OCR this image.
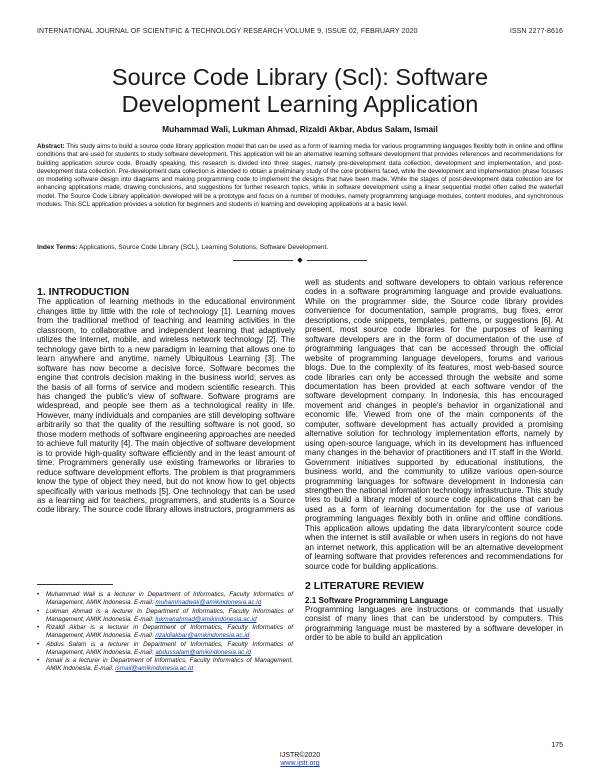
INTERNATIONAL JOURNAL OF SCIENTIFIC & TECHNOLOGY RESEARCH VOLUME 9, ISSUE 02, FEBRUARY 2020	ISSN 2277-8616
Source Code Library (Scl): Software
Development Learning Application
Muhammad Wali, Lukman Ahmad, Rizaldi Akbar, Abdus Salam, Ismail
Abstract: This study aims to build a source code library application model that can be used as a form of learning media for various programming languages flexibly both in online and offline conditions that are used for students to study software development. This application will be an alternative learning software development that provides references and recommendations for building application source code. Broadly speaking, this research is divided into three stages, namely pre-development data collection, development and implementation, and post-development data collection. Pre-development data collection is intended to obtain a preliminary study of the core problems faced, while the development and implementation phase focuses on modeling software design into diagrams and making programming code to implement the designs that have been made. While the stages of post-development data collection are for enhancing applications made, drawing conclusions, and suggestions for further research topics, while in software development using a linear sequential model often called the waterfall model. The Source Code Library application developed will be a prototype and focus on a number of modules, namely programming language modules, content modules, and synchronous modules. This SCL application provides a solution for beginners and students in learning and developing applications at a basic level.
Index Terms: Applications, Source Code Library (SCL), Learning Solutions, Software Development.
◆

1. INTRODUCTION

The application of learning methods in the educational environment changes little by little with the role of technology [1]. Learning moves from the traditional method of teaching and learning activities in the classroom, to collaborative and independent learning that adaptively utilizes the Internet, mobile, and wireless network technology [2]. The technology gave birth to a new paradigm in learning that allows one to learn anywhere and anytime, namely Ubiquitous Learning [3]. The software has now become a decisive force. Software becomes the engine that controls decision making in the business world; serves as the basis of all forms of service and modern scientific research. This has changed the public's view of software. Software programs are widespread, and people see them as a technological reality in life. However, many individuals and companies are still developing software arbitrarily so that the quality of the resulting software is not good, so those modern methods of software engineering approaches are needed to achieve full maturity [4]. The main objective of software development is to provide high-quality software efficiently and in the least amount of time. Programmers generally use existing frameworks or libraries to reduce software development efforts. The problem is that programmers know the type of object they need, but do not know how to get objects specifically with various methods [5]. One technology that can be used as a learning aid for teachers, programmers, and students is a Source code library. The source code library allows instructors, programmers as

•	Muhammad Wali is a lecturer in Department of Informatics, Faculty Informatics of Management, AMIK Indonesia. E-mail: muhammadwali@amikindonesia.ac.id
•	Lukman Ahmad is a lecturer in Department of Informatics, Faculty Informatics of Management, AMIK Indonesia. E-mail: lukmanahmad@amikindonesia.ac.id
•	Rizaldi Akbar is a lecturer in Department of Informatics, Faculty Informatics of Management, AMIK Indonesia. E-mail: rizaldiakbar@amikindonesia.ac.id
•	Abdus Salam is a lecturer in Department of Informatics, Faculty Informatics of Management, AMIK Indonesia. E-mail: abdussalam@amikindonesia.ac.id
•	Ismail is a lecturer in Department of Informatics, Faculty Informatics of Management, AMIK Indonesia. E-mail: ismail@amikindonesia.ac.id

well as students and software developers to obtain various reference codes in a software programming language and provide evaluations. While on the programmer side, the Source code library provides convenience for documentation, sample programs, bug fixes, error descriptions, code snippets, templates, patterns, or suggestions [6]. At present, most source code libraries for the purposes of learning software developers are in the form of documentation of the use of programming languages that can be accessed through the official website of programming language developers, forums and various blogs. Due to the complexity of its features, most web-based source code libraries can only be accessed through the website and some documentation has been provided at each software vendor of the software development company. In Indonesia, this has encouraged movement and changes in people's behavior in organizational and economic life. Viewed from one of the main components of the computer, software development has actually provided a promising alternative solution for technology implementation efforts, namely by using open-source language, which in its development has influenced many changes in the behavior of practitioners and IT staff in the World. Government initiatives supported by educational institutions, the business world, and the community to utilize various open-source programming languages for software development in Indonesia can strengthen the national information technology infrastructure. This study tries to build a library model of source code applications that can be used as a form of learning documentation for the use of various programming languages flexibly both in online and offline conditions. This application allows updating the data library/content source code when the internet is still available or when users in regions do not have an internet network, this application will be an alternative development of learning software that provides references and recommendations for source code for building applications.

2 LITERATURE REVIEW

2.1 Software Programming Language

Programming languages are instructions or commands that usually consist of many lines that can be understood by computers. This programming language must be mastered by a software developer in order to be able to build an application

175
IJSTR©2020
www.ijstr.org
